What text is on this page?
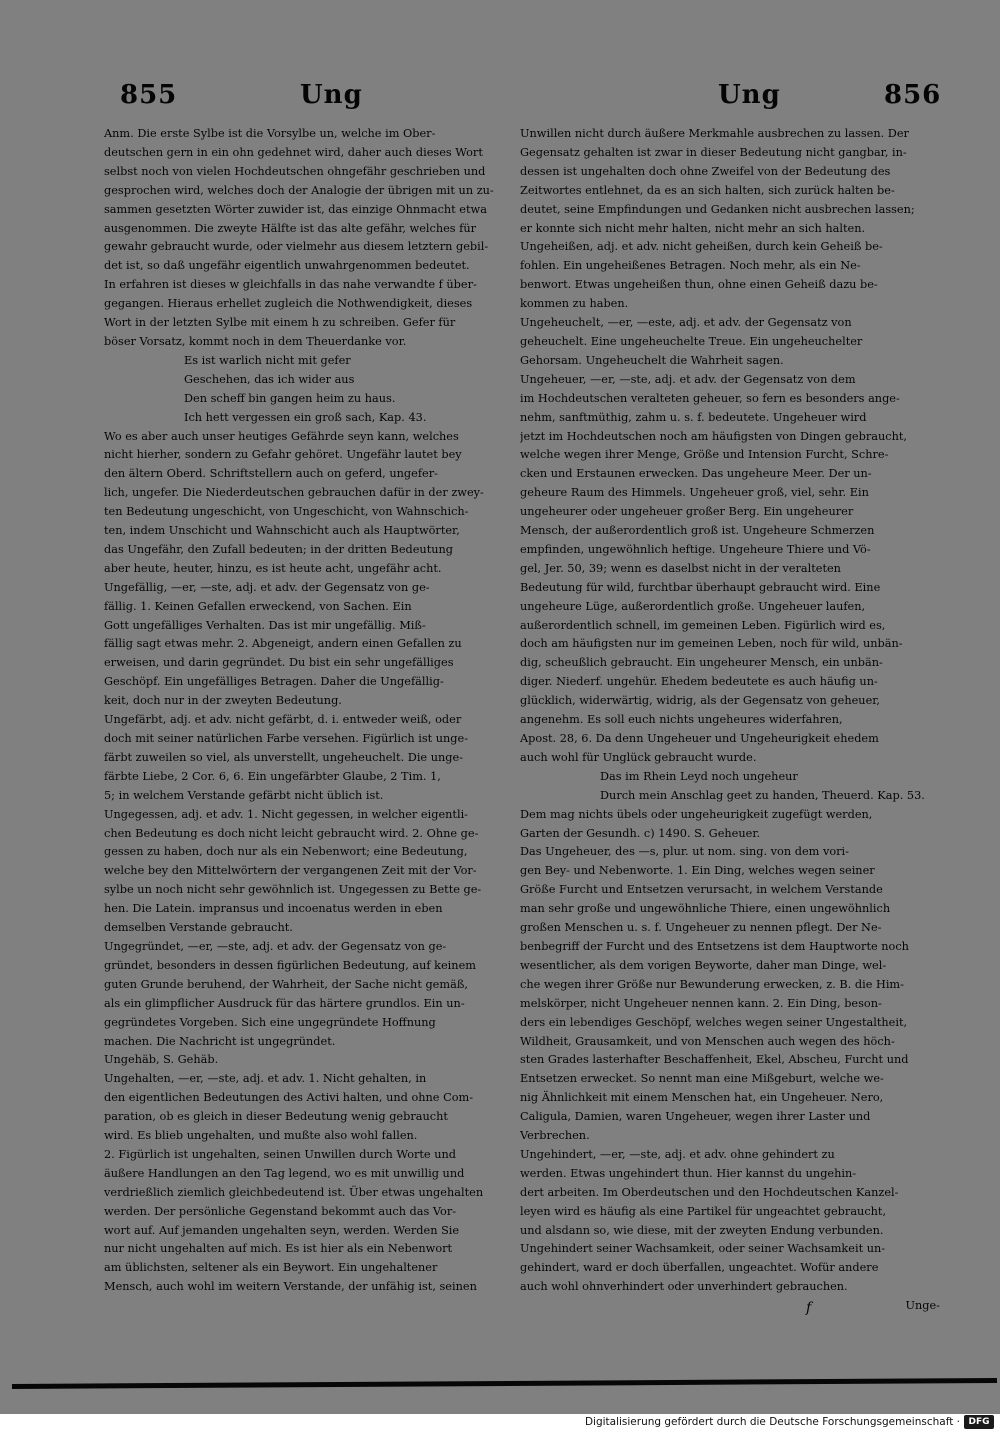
855	Ung	Ung	856
Anm. Die erste Sylbe ist die Vorsylbe un, welche im Ober-
deutschen gern in ein ohn gedehnet wird, daher auch dieses Wort
selbst noch von vielen Hochdeutschen ohngefähr geschrieben und
gesprochen wird, welches doch der Analogie der übrigen mit un zu-
sammen gesetzten Wörter zuwider ist, das einzige Ohnmacht etwa
ausgenommen. Die zweyte Hälfte ist das alte gefähr, welches für
gewahr gebraucht wurde, oder vielmehr aus diesem letztern gebil-
det ist, so daß ungefähr eigentlich unwahrgenommen bedeutet.
In erfahren ist dieses w gleichfalls in das nahe verwandte f über-
gegangen. Hieraus erhellet zugleich die Nothwendigkeit, dieses
Wort in der letzten Sylbe mit einem h zu schreiben. Gefer für
böser Vorsatz, kommt noch in dem Theuerdanke vor.
Es ist warlich nicht mit gefer
Geschehen, das ich wider aus
Den scheff bin gangen heim zu haus.
Ich hett vergessen ein groß sach, Kap. 43.
Wo es aber auch unser heutiges Gefährde seyn kann, welches
nicht hierher, sondern zu Gefahr gehöret. Ungefähr lautet bey
den ältern Oberd. Schriftstellern auch on geferd, ungefer-
lich, ungefer. Die Niederdeutschen gebrauchen dafür in der zwey-
ten Bedeutung ungeschicht, von Ungeschicht, von Wahnschich-
ten, indem Unschicht und Wahnschicht auch als Hauptwörter,
das Ungefähr, den Zufall bedeuten; in der dritten Bedeutung
aber heute, heuter, hinzu, es ist heute acht, ungefähr acht.
Ungefällig, —er, —ste, adj. et adv. der Gegensatz von ge-
fällig. 1. Keinen Gefallen erweckend, von Sachen. Ein
Gott ungefälliges Verhalten. Das ist mir ungefällig. Miß-
fällig sagt etwas mehr. 2. Abgeneigt, andern einen Gefallen zu
erweisen, und darin gegründet. Du bist ein sehr ungefälliges
Geschöpf. Ein ungefälliges Betragen. Daher die Ungefällig-
keit, doch nur in der zweyten Bedeutung.
Ungefärbt, adj. et adv. nicht gefärbt, d. i. entweder weiß, oder
doch mit seiner natürlichen Farbe versehen. Figürlich ist unge-
färbt zuweilen so viel, als unverstellt, ungeheuchelt. Die unge-
färbte Liebe, 2 Cor. 6, 6. Ein ungefärbter Glaube, 2 Tim. 1,
5; in welchem Verstande gefärbt nicht üblich ist.
Ungegessen, adj. et adv. 1. Nicht gegessen, in welcher eigentli-
chen Bedeutung es doch nicht leicht gebraucht wird. 2. Ohne ge-
gessen zu haben, doch nur als ein Nebenwort; eine Bedeutung,
welche bey den Mittelwörtern der vergangenen Zeit mit der Vor-
sylbe un noch nicht sehr gewöhnlich ist. Ungegessen zu Bette ge-
hen. Die Latein. impransus und incoenatus werden in eben
demselben Verstande gebraucht.
Ungegründet, —er, —ste, adj. et adv. der Gegensatz von ge-
gründet, besonders in dessen figürlichen Bedeutung, auf keinem
guten Grunde beruhend, der Wahrheit, der Sache nicht gemäß,
als ein glimpflicher Ausdruck für das härtere grundlos. Ein un-
gegründetes Vorgeben. Sich eine ungegründete Hoffnung
machen. Die Nachricht ist ungegründet.
Ungehäb, S. Gehäb.
Ungehalten, —er, —ste, adj. et adv. 1. Nicht gehalten, in
den eigentlichen Bedeutungen des Activi halten, und ohne Com-
paration, ob es gleich in dieser Bedeutung wenig gebraucht
wird. Es blieb ungehalten, und mußte also wohl fallen.
2. Figürlich ist ungehalten, seinen Unwillen durch Worte und
äußere Handlungen an den Tag legend, wo es mit unwillig und
verdrießlich ziemlich gleichbedeutend ist. Über etwas ungehalten
werden. Der persönliche Gegenstand bekommt auch das Vor-
wort auf. Auf jemanden ungehalten seyn, werden. Werden Sie
nur nicht ungehalten auf mich. Es ist hier als ein Nebenwort
am üblichsten, seltener als ein Beywort. Ein ungehaltener
Mensch, auch wohl im weitern Verstande, der unfähig ist, seinen
Unwillen nicht durch äußere Merkmahle ausbrechen zu lassen. Der
Gegensatz gehalten ist zwar in dieser Bedeutung nicht gangbar, in-
dessen ist ungehalten doch ohne Zweifel von der Bedeutung des
Zeitwortes entlehnet, da es an sich halten, sich zurück halten be-
deutet, seine Empfindungen und Gedanken nicht ausbrechen lassen;
er konnte sich nicht mehr halten, nicht mehr an sich halten.
Ungeheißen, adj. et adv. nicht geheißen, durch kein Geheiß be-
fohlen. Ein ungeheißenes Betragen. Noch mehr, als ein Ne-
benwort. Etwas ungeheißen thun, ohne einen Geheiß dazu be-
kommen zu haben.
Ungeheuchelt, —er, —este, adj. et adv. der Gegensatz von
geheuchelt. Eine ungeheuchelte Treue. Ein ungeheuchelter
Gehorsam. Ungeheuchelt die Wahrheit sagen.
Ungeheuer, —er, —ste, adj. et adv. der Gegensatz von dem
im Hochdeutschen veralteten geheuer, so fern es besonders ange-
nehm, sanftmüthig, zahm u. s. f. bedeutete. Ungeheuer wird
jetzt im Hochdeutschen noch am häufigsten von Dingen gebraucht,
welche wegen ihrer Menge, Größe und Intension Furcht, Schre-
cken und Erstaunen erwecken. Das ungeheure Meer. Der un-
geheure Raum des Himmels. Ungeheuer groß, viel, sehr. Ein
ungeheurer oder ungeheuer großer Berg. Ein ungeheurer
Mensch, der außerordentlich groß ist. Ungeheure Schmerzen
empfinden, ungewöhnlich heftige. Ungeheure Thiere und Vö-
gel, Jer. 50, 39; wenn es daselbst nicht in der veralteten
Bedeutung für wild, furchtbar überhaupt gebraucht wird. Eine
ungeheure Lüge, außerordentlich große. Ungeheuer laufen,
außerordentlich schnell, im gemeinen Leben. Figürlich wird es,
doch am häufigsten nur im gemeinen Leben, noch für wild, unbän-
dig, scheußlich gebraucht. Ein ungeheurer Mensch, ein unbän-
diger. Niederf. ungehür. Ehedem bedeutete es auch häufig un-
glücklich, widerwärtig, widrig, als der Gegensatz von geheuer,
angenehm. Es soll euch nichts ungeheures widerfahren,
Apost. 28, 6. Da denn Ungeheuer und Ungeheurigkeit ehedem
auch wohl für Unglück gebraucht wurde.
Das im Rhein Leyd noch ungeheur
Durch mein Anschlag geet zu handen, Theuerd. Kap. 53.
Dem mag nichts übels oder ungeheurigkeit zugefügt werden,
Garten der Gesundh. c) 1490. S. Geheuer.
Das Ungeheuer, des —s, plur. ut nom. sing. von dem vori-
gen Bey- und Nebenworte. 1. Ein Ding, welches wegen seiner
Größe Furcht und Entsetzen verursacht, in welchem Verstande
man sehr große und ungewöhnliche Thiere, einen ungewöhnlich
großen Menschen u. s. f. Ungeheuer zu nennen pflegt. Der Ne-
benbegriff der Furcht und des Entsetzens ist dem Hauptworte noch
wesentlicher, als dem vorigen Beyworte, daher man Dinge, wel-
che wegen ihrer Größe nur Bewunderung erwecken, z. B. die Him-
melskörper, nicht Ungeheuer nennen kann. 2. Ein Ding, beson-
ders ein lebendiges Geschöpf, welches wegen seiner Ungestaltheit,
Wildheit, Grausamkeit, und von Menschen auch wegen des höch-
sten Grades lasterhafter Beschaffenheit, Ekel, Abscheu, Furcht und
Entsetzen erwecket. So nennt man eine Mißgeburt, welche we-
nig Ähnlichkeit mit einem Menschen hat, ein Ungeheuer. Nero,
Caligula, Damien, waren Ungeheuer, wegen ihrer Laster und
Verbrechen.
Ungehindert, —er, —ste, adj. et adv. ohne gehindert zu
werden. Etwas ungehindert thun. Hier kannst du ungehin-
dert arbeiten. Im Oberdeutschen und den Hochdeutschen Kanzel-
leyen wird es häufig als eine Partikel für ungeachtet gebraucht,
und alsdann so, wie diese, mit der zweyten Endung verbunden.
Ungehindert seiner Wachsamkeit, oder seiner Wachsamkeit un-
gehindert, ward er doch überfallen, ungeachtet. Wofür andere
auch wohl ohnverhindert oder unverhindert gebrauchen.
Unge-
f
Digitalisierung gefördert durch die Deutsche Forschungsgemeinschaft · DFG
